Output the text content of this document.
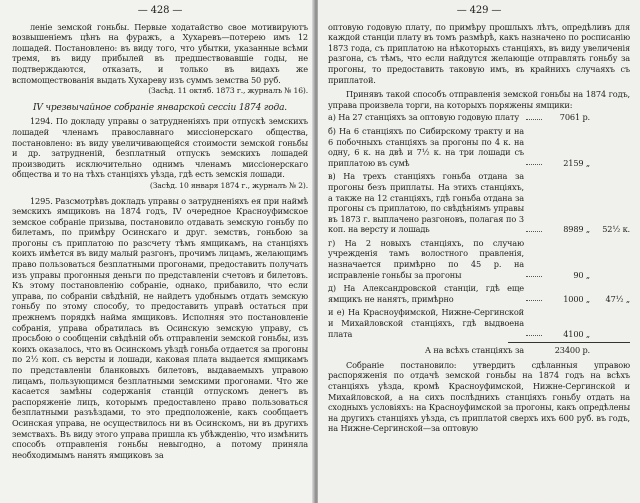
— 428 —

леніе земской гоньбы. Первые ходатайство свое мотивируютъ возвышеніемъ цѣнъ на фуражъ, а Хухаревъ—потерею имъ 12 лошадей. Постановлено: въ виду того, что убытки, указанные всѣми тремя, въ виду прибылей въ предшествовавшіе годы, не подтверждаются, отказать, и только въ видахъ же вспомоществованія выдать Хухареву изъ суммъ земства 50 руб.

(Засѣд. 11 октяб. 1873 г., журналъ № 16).
IV чрезвычайное собраніе январской сессіи 1874 года.

1294. По докладу управы о затрудненіяхъ при отпускѣ земскихъ лошадей членамъ православнаго миссіонерскаго общества, постановлено: въ виду увеличивающейся стоимости земской гоньбы и др. затрудненій, безплатный отпускъ земскихъ лошадей производить исключительно однимъ членамъ миссіонерскаго общества и то на тѣхъ станціяхъ уѣзда, гдѣ есть земскія лошади.

(Засѣд. 10 января 1874 г., журналъ № 2).

1295. Разсмотрѣвъ докладъ управы о затрудненіяхъ ея при наймѣ земскихъ ямщиковъ на 1874 годъ, IV очередное Красноуфимское земское собраніе призыва, постановило отдавать земскую гоньбу по билетамъ, по примѣру Осинскаго и друг. земствъ, гоньбою за прогоны съ приплатою по разсчету тѣмъ ямщикамъ, на станціяхъ коихъ имѣется въ виду малый разгонъ, прочимъ лицамъ, желающимъ право пользоваться безплатными прогонами, предоставить получать изъ управы прогонныя деньги по представленіи счетовъ и билетовъ. Къ этому постановленію собраніе, однако, прибавило, что если управа, по собраніи свѣдѣній, не найдетъ удобнымъ отдать земскую гоньбу по этому способу, то предоставить управѣ остаться при прежнемъ порядкѣ найма ямщиковъ. Исполняя это постановленіе собранія, управа обратилась въ Осинскую земскую управу, съ просьбою о сообщеніи свѣдѣній объ отправленіи земской гоньбы, изъ коихъ оказалось, что въ Осинскомъ уѣздѣ гоньба отдается за прогоны по 2½ коп. съ версты и лошади, каковая плата выдается ямщикамъ по представленіи бланковыхъ билетовъ, выдаваемыхъ управою лицамъ, пользующимся безплатными земскими прогонами. Что же касается замѣны содержанія станцій отпускомъ денегъ въ распоряженіе лицъ, которымъ предоставлено право пользоваться безплатными разъѣздами, то это предположеніе, какъ сообщаетъ Осинская управа, не осуществилось ни въ Осинскомъ, ни въ другихъ земствахъ. Въ виду этого управа пришла къ убѣжденію, что измѣнить способъ отправленія гоньбы невыгодно, а потому приняла необходимымъ нанять ямщиковъ за

— 429 —

оптовую годовую плату, по примѣру прошлыхъ лѣтъ, опредѣливъ для каждой станціи плату въ томъ размѣрѣ, какъ назначено по росписанію 1873 года, съ приплатою на нѣкоторыхъ станціяхъ, въ виду увеличенія разгона, съ тѣмъ, что если найдутся желающіе отправлять гоньбу за прогоны, то предоставить таковую имъ, въ крайнихъ случаяхъ съ приплатой.

Принявъ такой способъ отправленія земской гоньбы на 1874 годъ, управа произвела торги, на которыхъ поряжены ямщики:

а) На 27 станціяхъ за оптовую годовую плату	7061 р.
б) На 6 станціяхъ по Сибирскому тракту и на 6 побочныхъ станціяхъ за прогоны по 4 к. на одну, 6 к. на двѣ и 7½ к. на три лошади съ приплатою въ сумѣ	2159 „
в) На трехъ станціяхъ гоньба отдана за прогоны безъ приплаты. На этихъ станціяхъ, а также на 12 станціяхъ, гдѣ гоньба отдана за прогоны съ приплатою, по свѣдѣніямъ управы въ 1873 г. выплачено разгоновъ, полагая по 3 коп. на версту и лошадь	8989 „	52½ к.
г) На 2 новыхъ станціяхъ, по случаю учрежденія тамъ волостного правленія, назначается примѣрно по 45 р. на исправленіе гоньбы за прогоны	90 „
д) На Александровской станціи, гдѣ еще ямщикъ не нанятъ, примѣрно	1000 „	47½ „
и е) На Красноуфимской, Нижне-Сергинской и Михайловской станціяхъ, гдѣ выдвоена плата	4100 „
А на всѣхъ станціяхъ за	23400 р.

Собраніе постановило: утвердить сдѣланныя управою распоряженія по отдачѣ земской гоньбы на 1874 годъ на всѣхъ станціяхъ уѣзда, кромѣ Красноуфимской, Нижне-Сергинской и Михайловской, а на сихъ послѣднихъ станціяхъ гоньбу отдать на сходныхъ условіяхъ: на Красноуфимской за прогоны, какъ опредѣлены на другихъ станціяхъ уѣзда, съ приплатой сверхъ ихъ 600 руб. въ годъ, на Нижне-Сергинской—за оптовую
